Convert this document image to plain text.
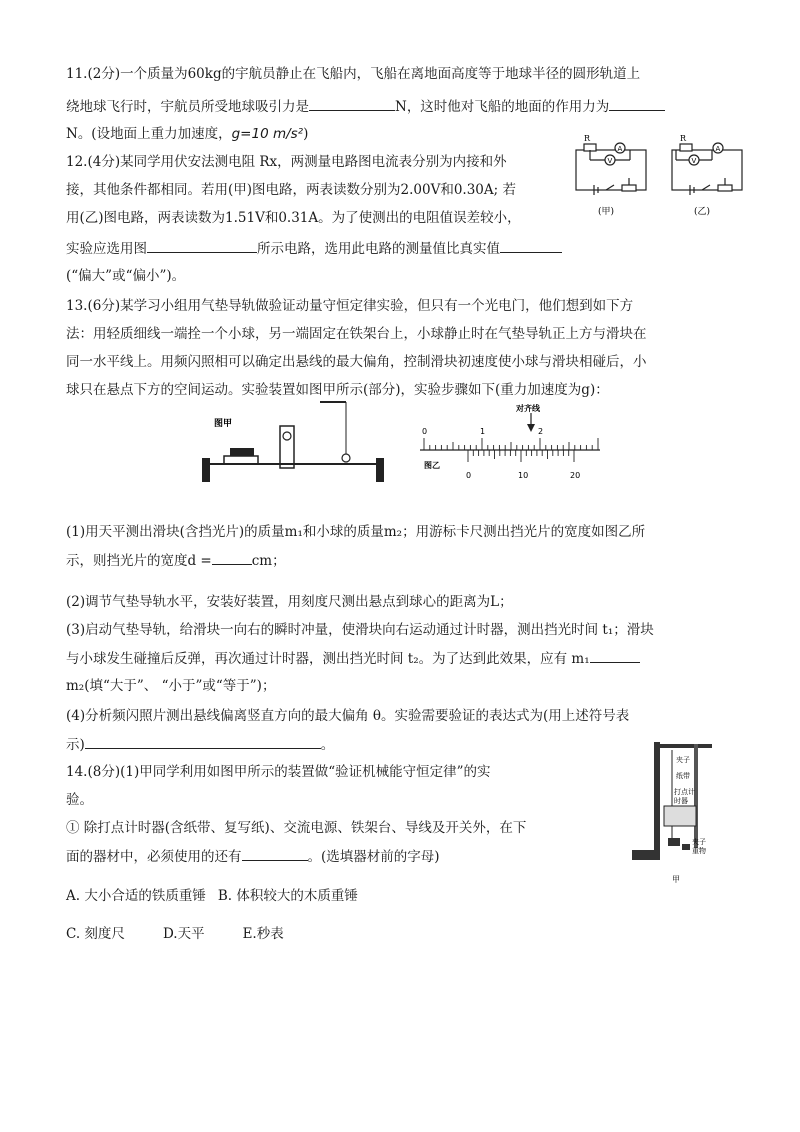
11.(2分)一个质量为60kg的宇航员静止在飞船内，飞船在离地面高度等于地球半径的圆形轨道上
绕地球飞行时，宇航员所受地球吸引力是	N，这时他对飞船的地面的作用力为
N。(设地面上重力加速度，g=10 m/s²)
12.(4分)某同学用伏安法测电阻 Rx，两测量电路图电流表分别为内接和外
接，其他条件都相同。若用(甲)图电路，两表读数分别为2.00V和0.30A; 若
用(乙)图电路，两表读数为1.51V和0.31A。为了使测出的电阻值误差较小，
实验应选用图	所示电路，选用此电路的测量值比真实值
(“偏大”或“偏小”)。
R
A
V
(甲)
R
A
V
(乙)
13.(6分)某学习小组用气垫导轨做验证动量守恒定律实验，但只有一个光电门，他们想到如下方
法：用轻质细线一端拴一个小球，另一端固定在铁架台上，小球静止时在气垫导轨正上方与滑块在
同一水平线上。用频闪照相可以确定出悬线的最大偏角，控制滑块初速度使小球与滑块相碰后，小
球只在悬点下方的空间运动。实验装置如图甲所示(部分)，实验步骤如下(重力加速度为g)：
图甲
对齐线
0	1	2
图乙
0	10	20
(1)用天平测出滑块(含挡光片)的质量m₁和小球的质量m₂；用游标卡尺测出挡光片的宽度如图乙所
示，则挡光片的宽度d =	cm；
(2)调节气垫导轨水平，安装好装置，用刻度尺测出悬点到球心的距离为L；
(3)启动气垫导轨，给滑块一向右的瞬时冲量，使滑块向右运动通过计时器，测出挡光时间 t₁；滑块
与小球发生碰撞后反弹，再次通过计时器，测出挡光时间 t₂。为了达到此效果，应有 m₁
m₂(填“大于”、 “小于”或“等于”)；
(4)分析频闪照片测出悬线偏离竖直方向的最大偏角 θ。实验需要验证的表达式为(用上述符号表
示)	。
14.(8分)(1)甲同学利用如图甲所示的装置做“验证机械能守恒定律”的实
验。
① 除打点计时器(含纸带、复写纸)、交流电源、铁架台、导线及开关外，在下
面的器材中，必须使用的还有	。(选填器材前的字母)
A. 大小合适的铁质重锤 B. 体积较大的木质重锤
C. 刻度尺	D.天平	E.秒表
夹子
纸带
打点计
时器
夹子
重物
甲
